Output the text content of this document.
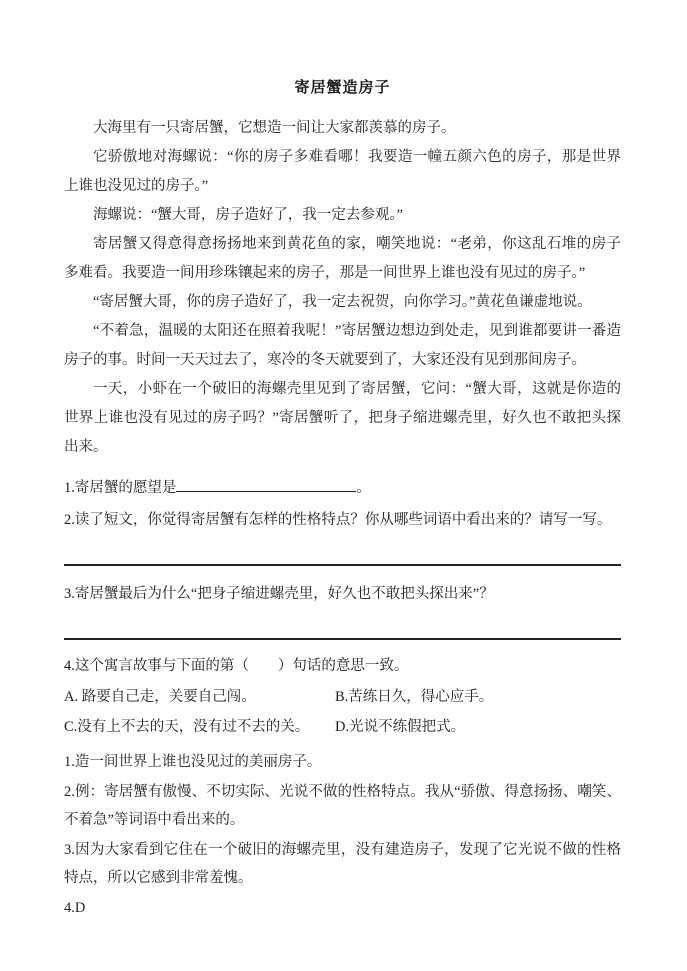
寄居蟹造房子

大海里有一只寄居蟹，它想造一间让大家都羡慕的房子。

它骄傲地对海螺说：“你的房子多难看哪！我要造一幢五颜六色的房子，那是世界上谁也没见过的房子。”

海螺说：“蟹大哥，房子造好了，我一定去参观。”

寄居蟹又得意得意扬扬地来到黄花鱼的家，嘲笑地说：“老弟，你这乱石堆的房子多难看。我要造一间用珍珠镶起来的房子，那是一间世界上谁也没有见过的房子。”

“寄居蟹大哥，你的房子造好了，我一定去祝贺，向你学习。”黄花鱼谦虚地说。

“不着急，温暖的太阳还在照着我呢！”寄居蟹边想边到处走，见到谁都要讲一番造房子的事。时间一天天过去了，寒冷的冬天就要到了，大家还没有见到那间房子。

一天，小虾在一个破旧的海螺壳里见到了寄居蟹，它问：“蟹大哥，这就是你造的世界上谁也没有见过的房子吗？”寄居蟹听了，把身子缩进螺壳里，好久也不敢把头探出来。

1.寄居蟹的愿望是	。
2.读了短文，你觉得寄居蟹有怎样的性格特点？你从哪些词语中看出来的？请写一写。
3.寄居蟹最后为什么“把身子缩进螺壳里，好久也不敢把头探出来”？
4.这个寓言故事与下面的第（　　）句话的意思一致。
A. 路要自己走，关要自己闯。	B.苦练日久，得心应手。
C.没有上不去的天，没有过不去的关。	D.光说不练假把式。

1.造一间世界上谁也没见过的美丽房子。

2.例：寄居蟹有傲慢、不切实际、光说不做的性格特点。我从“骄傲、得意扬扬、嘲笑、不着急”等词语中看出来的。

3.因为大家看到它住在一个破旧的海螺壳里，没有建造房子，发现了它光说不做的性格特点，所以它感到非常羞愧。

4.D
